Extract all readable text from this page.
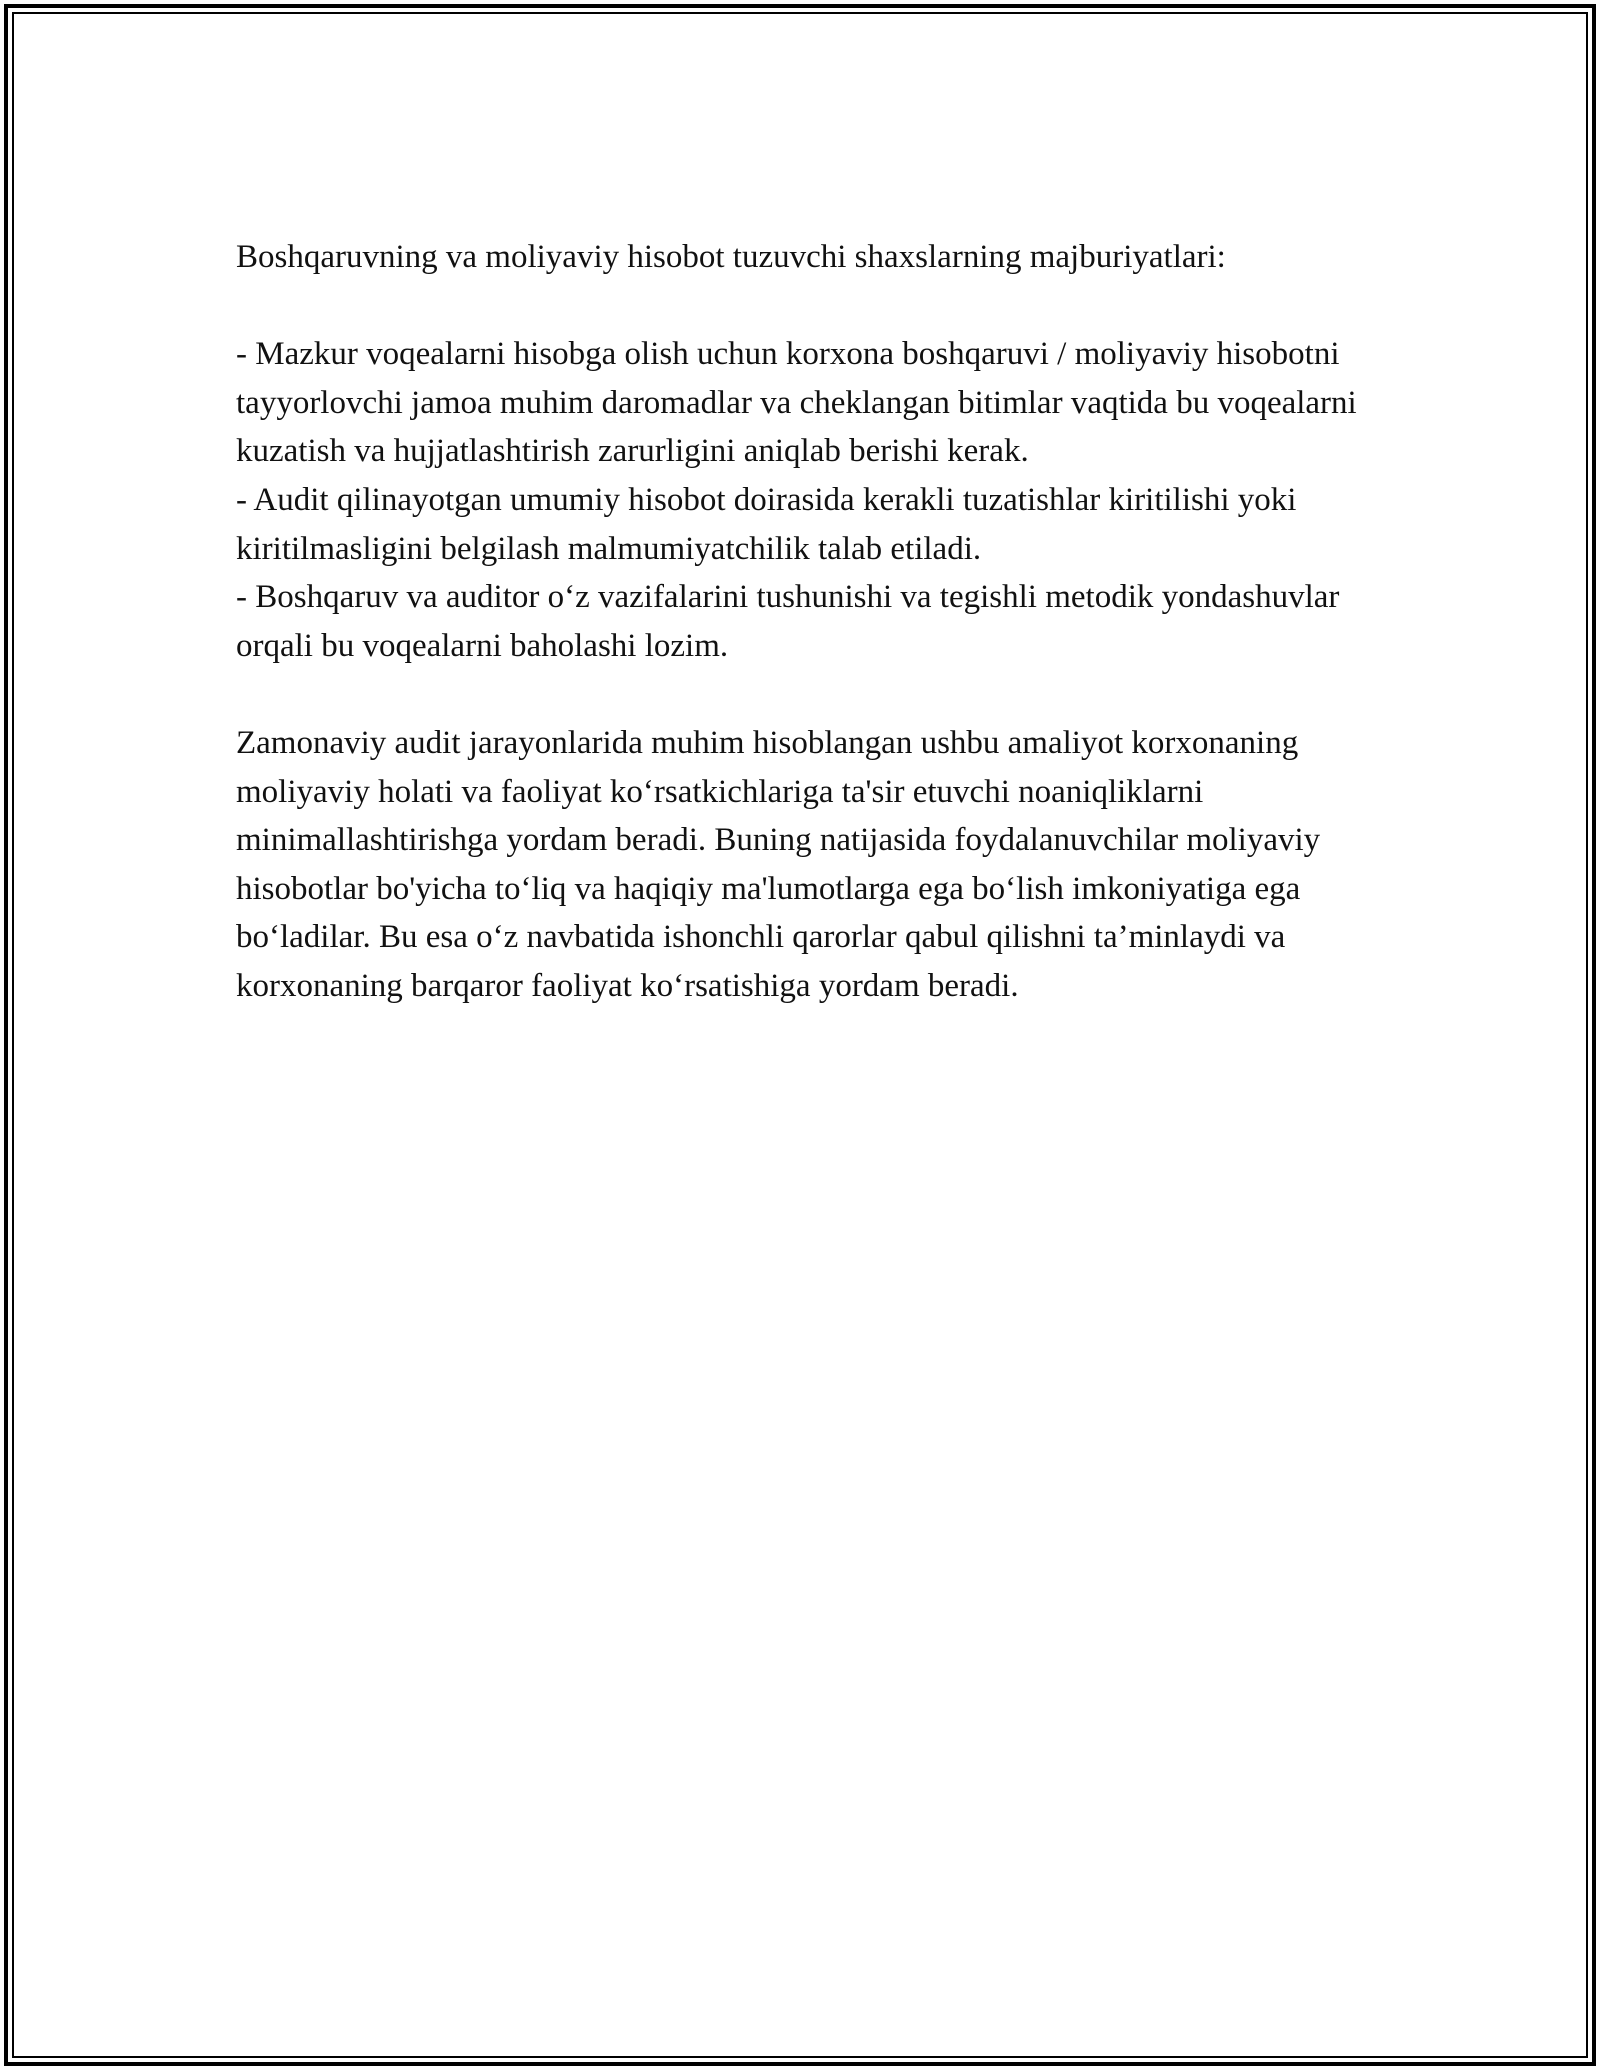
Boshqaruvning va moliyaviy hisobot tuzuvchi shaxslarning majburiyatlari:

- Mazkur voqealarni hisobga olish uchun korxona boshqaruvi / moliyaviy hisobotni tayyorlovchi jamoa muhim daromadlar va cheklangan bitimlar vaqtida bu voqealarni kuzatish va hujjatlashtirish zarurligini aniqlab berishi kerak.

- Audit qilinayotgan umumiy hisobot doirasida kerakli tuzatishlar kiritilishi yoki kiritilmasligini belgilash malmumiyatchilik talab etiladi.

- Boshqaruv va auditor o‘z vazifalarini tushunishi va tegishli metodik yondashuvlar orqali bu voqealarni baholashi lozim.

Zamonaviy audit jarayonlarida muhim hisoblangan ushbu amaliyot korxonaning moliyaviy holati va faoliyat ko‘rsatkichlariga ta'sir etuvchi noaniqliklarni minimallashtirishga yordam beradi. Buning natijasida foydalanuvchilar moliyaviy hisobotlar bo'yicha to‘liq va haqiqiy ma'lumotlarga ega bo‘lish imkoniyatiga ega bo‘ladilar. Bu esa o‘z navbatida ishonchli qarorlar qabul qilishni ta’minlaydi va korxonaning barqaror faoliyat ko‘rsatishiga yordam beradi.
